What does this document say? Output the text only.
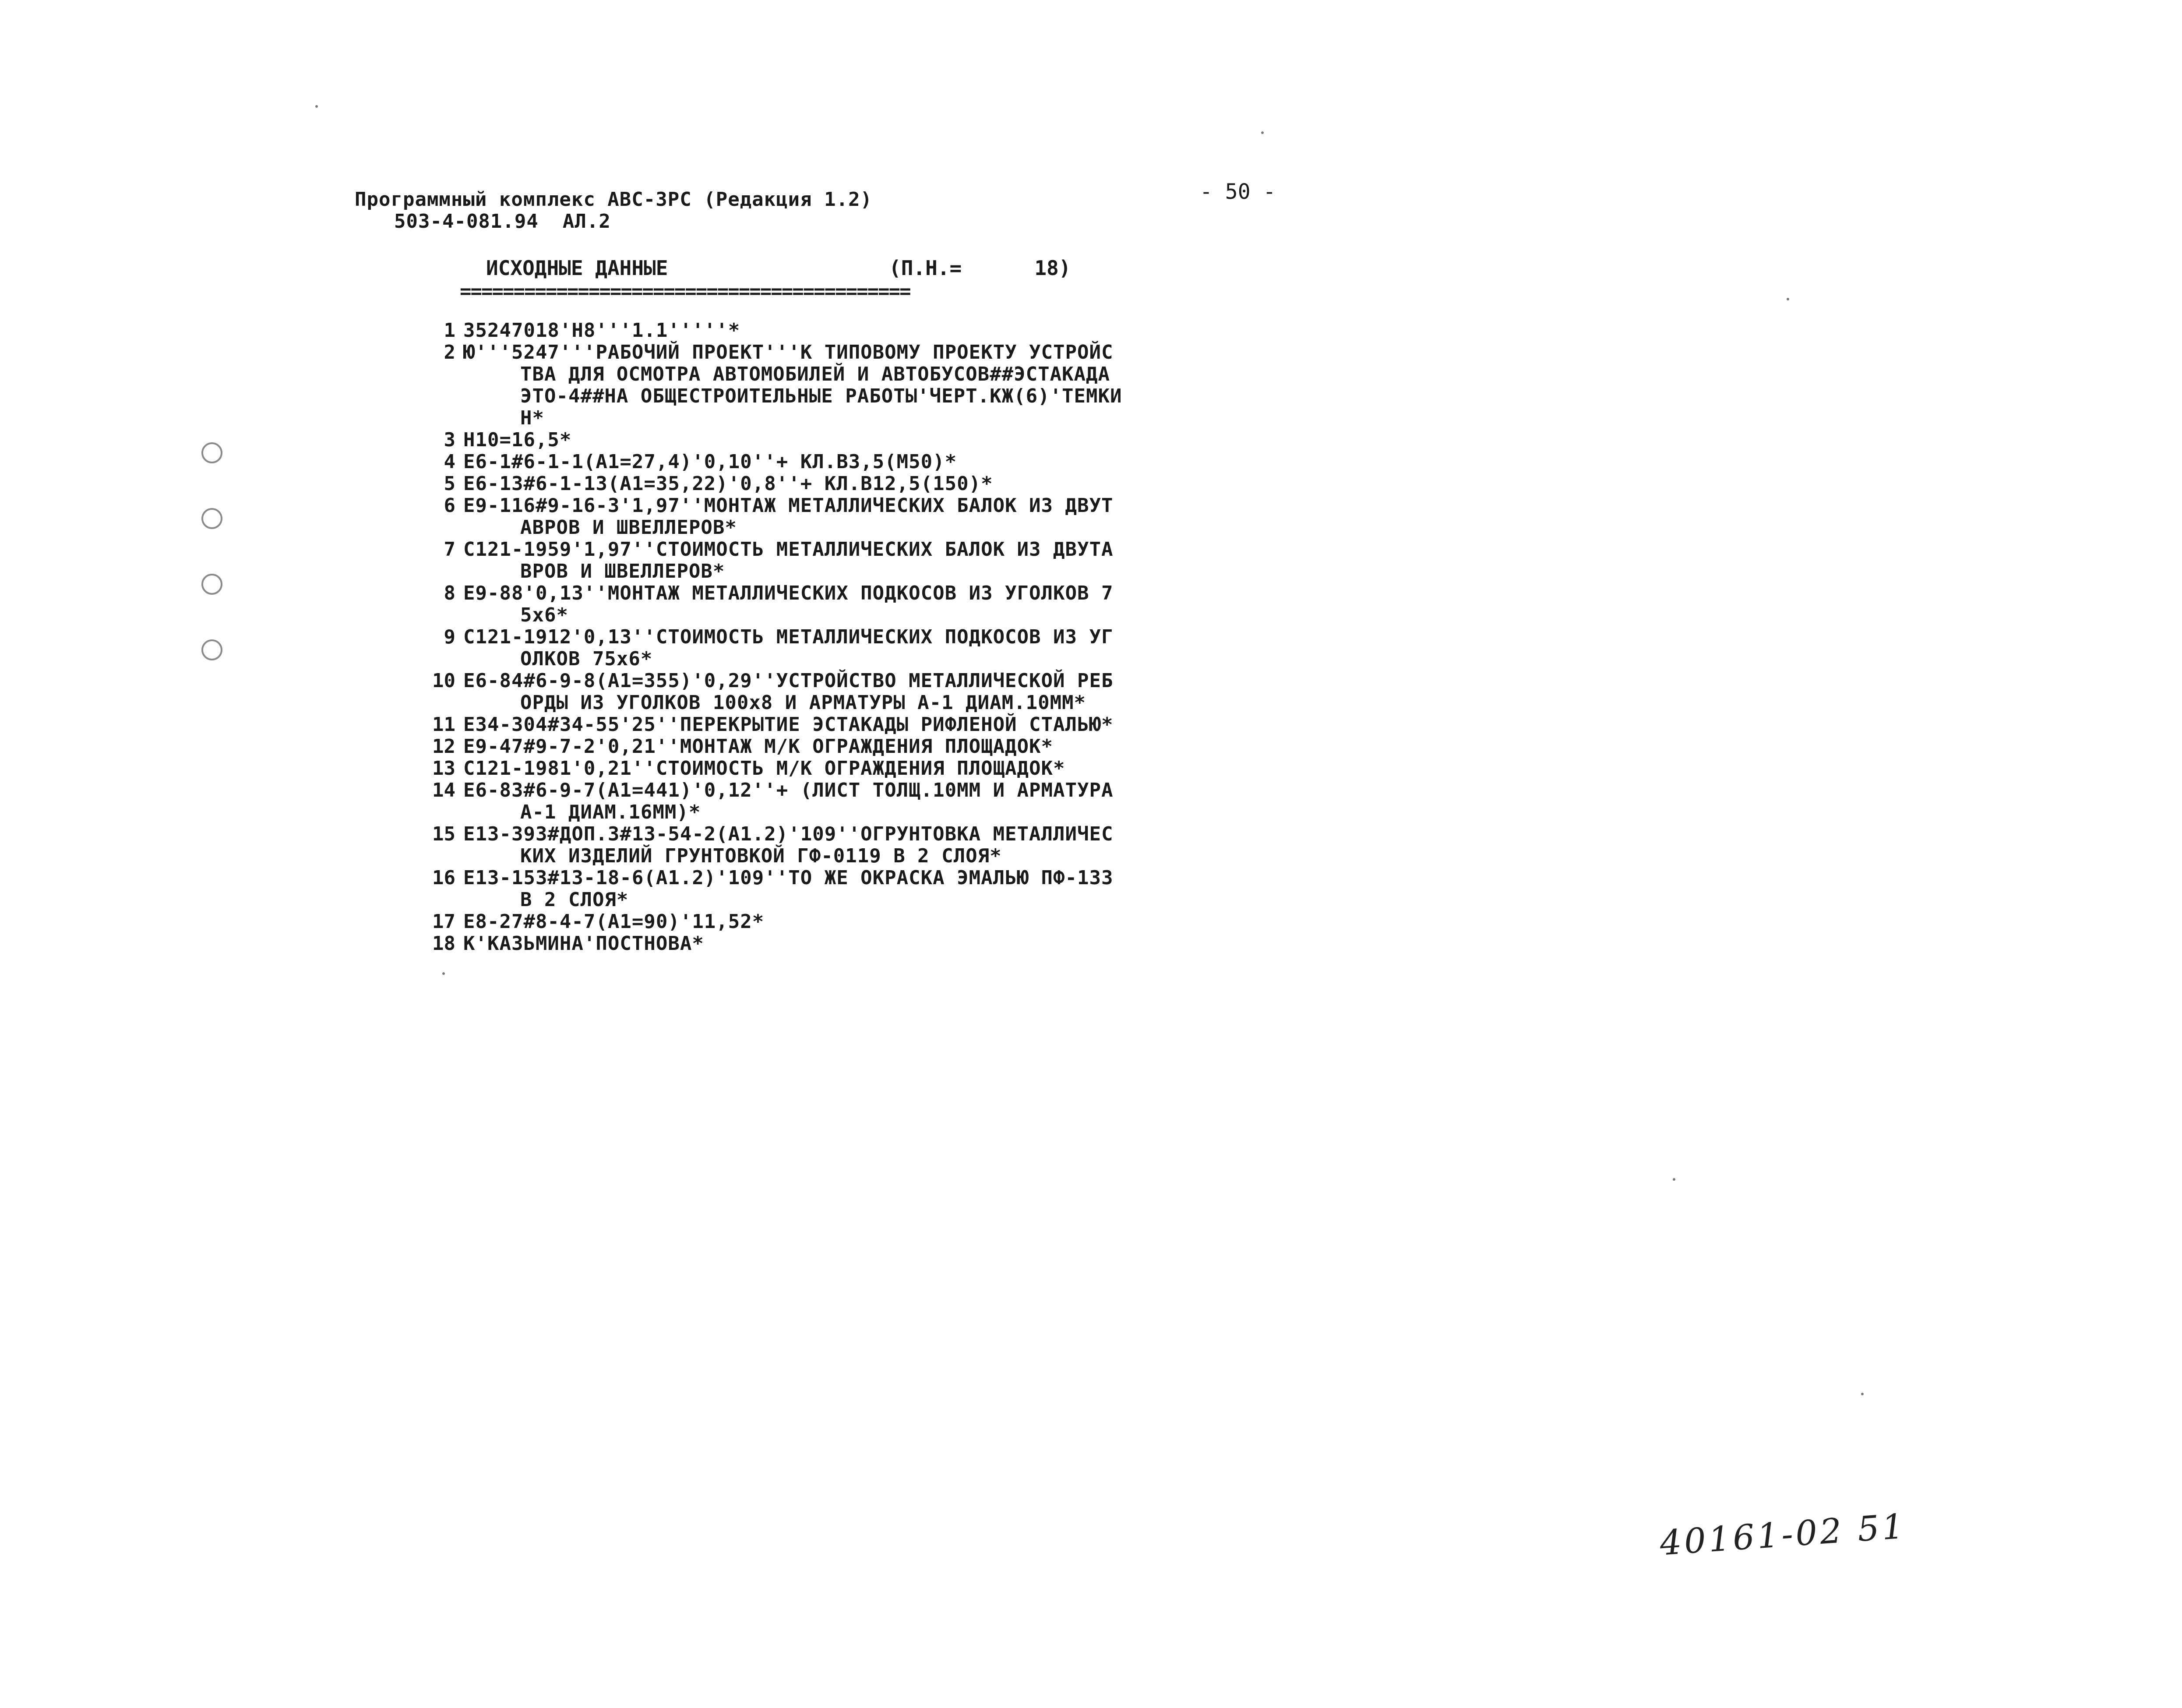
Программный комплекс АВС-ЗРС (Редакция 1.2)
503-4-081.94  АЛ.2
- 50 -
ИСХОДНЫЕ ДАННЫЕ	(П.Н.=      18)
==========================================
1 35247018'Н8'''1.1'''''*
2 Ю'''5247'''РАБОЧИЙ ПРОЕКТ'''К ТИПОВОМУ ПРОЕКТУ УСТРОЙС
ТВА ДЛЯ ОСМОТРА АВТОМОБИЛЕЙ И АВТОБУСОВ##ЭСТАКАДА
ЭТО-4##НА ОБЩЕСТРОИТЕЛЬНЫЕ РАБОТЫ'ЧЕРТ.КЖ(6)'ТЕМКИ
Н*
3 Н10=16,5*
4 Е6-1#6-1-1(А1=27,4)'0,10''+ КЛ.В3,5(М50)*
5 Е6-13#6-1-13(А1=35,22)'0,8''+ КЛ.В12,5(150)*
6 Е9-116#9-16-3'1,97''МОНТАЖ МЕТАЛЛИЧЕСКИХ БАЛОК ИЗ ДВУТ
АВРОВ И ШВЕЛЛЕРОВ*
7 С121-1959'1,97''СТОИМОСТЬ МЕТАЛЛИЧЕСКИХ БАЛОК ИЗ ДВУТА
ВРОВ И ШВЕЛЛЕРОВ*
8 Е9-88'0,13''МОНТАЖ МЕТАЛЛИЧЕСКИХ ПОДКОСОВ ИЗ УГОЛКОВ 7
5х6*
9 С121-1912'0,13''СТОИМОСТЬ МЕТАЛЛИЧЕСКИХ ПОДКОСОВ ИЗ УГ
ОЛКОВ 75х6*
10 Е6-84#6-9-8(А1=355)'0,29''УСТРОЙСТВО МЕТАЛЛИЧЕСКОЙ РЕБ
ОРДЫ ИЗ УГОЛКОВ 100х8 И АРМАТУРЫ А-1 ДИАМ.10ММ*
11 Е34-304#34-55'25''ПЕРЕКРЫТИЕ ЭСТАКАДЫ РИФЛЕНОЙ СТАЛЬЮ*
12 Е9-47#9-7-2'0,21''МОНТАЖ М/К ОГРАЖДЕНИЯ ПЛОЩАДОК*
13 С121-1981'0,21''СТОИМОСТЬ М/К ОГРАЖДЕНИЯ ПЛОЩАДОК*
14 Е6-83#6-9-7(А1=441)'0,12''+ (ЛИСТ ТОЛЩ.10ММ И АРМАТУРА
А-1 ДИАМ.16ММ)*
15 Е13-393#ДОП.3#13-54-2(А1.2)'109''ОГРУНТОВКА МЕТАЛЛИЧЕС
КИХ ИЗДЕЛИЙ ГРУНТОВКОЙ ГФ-0119 В 2 СЛОЯ*
16 Е13-153#13-18-6(А1.2)'109''ТО ЖЕ ОКРАСКА ЭМАЛЬЮ ПФ-133
В 2 СЛОЯ*
17 Е8-27#8-4-7(А1=90)'11,52*
18 К'КАЗЬМИНА'ПОСТНОВА*
40161-02 51
